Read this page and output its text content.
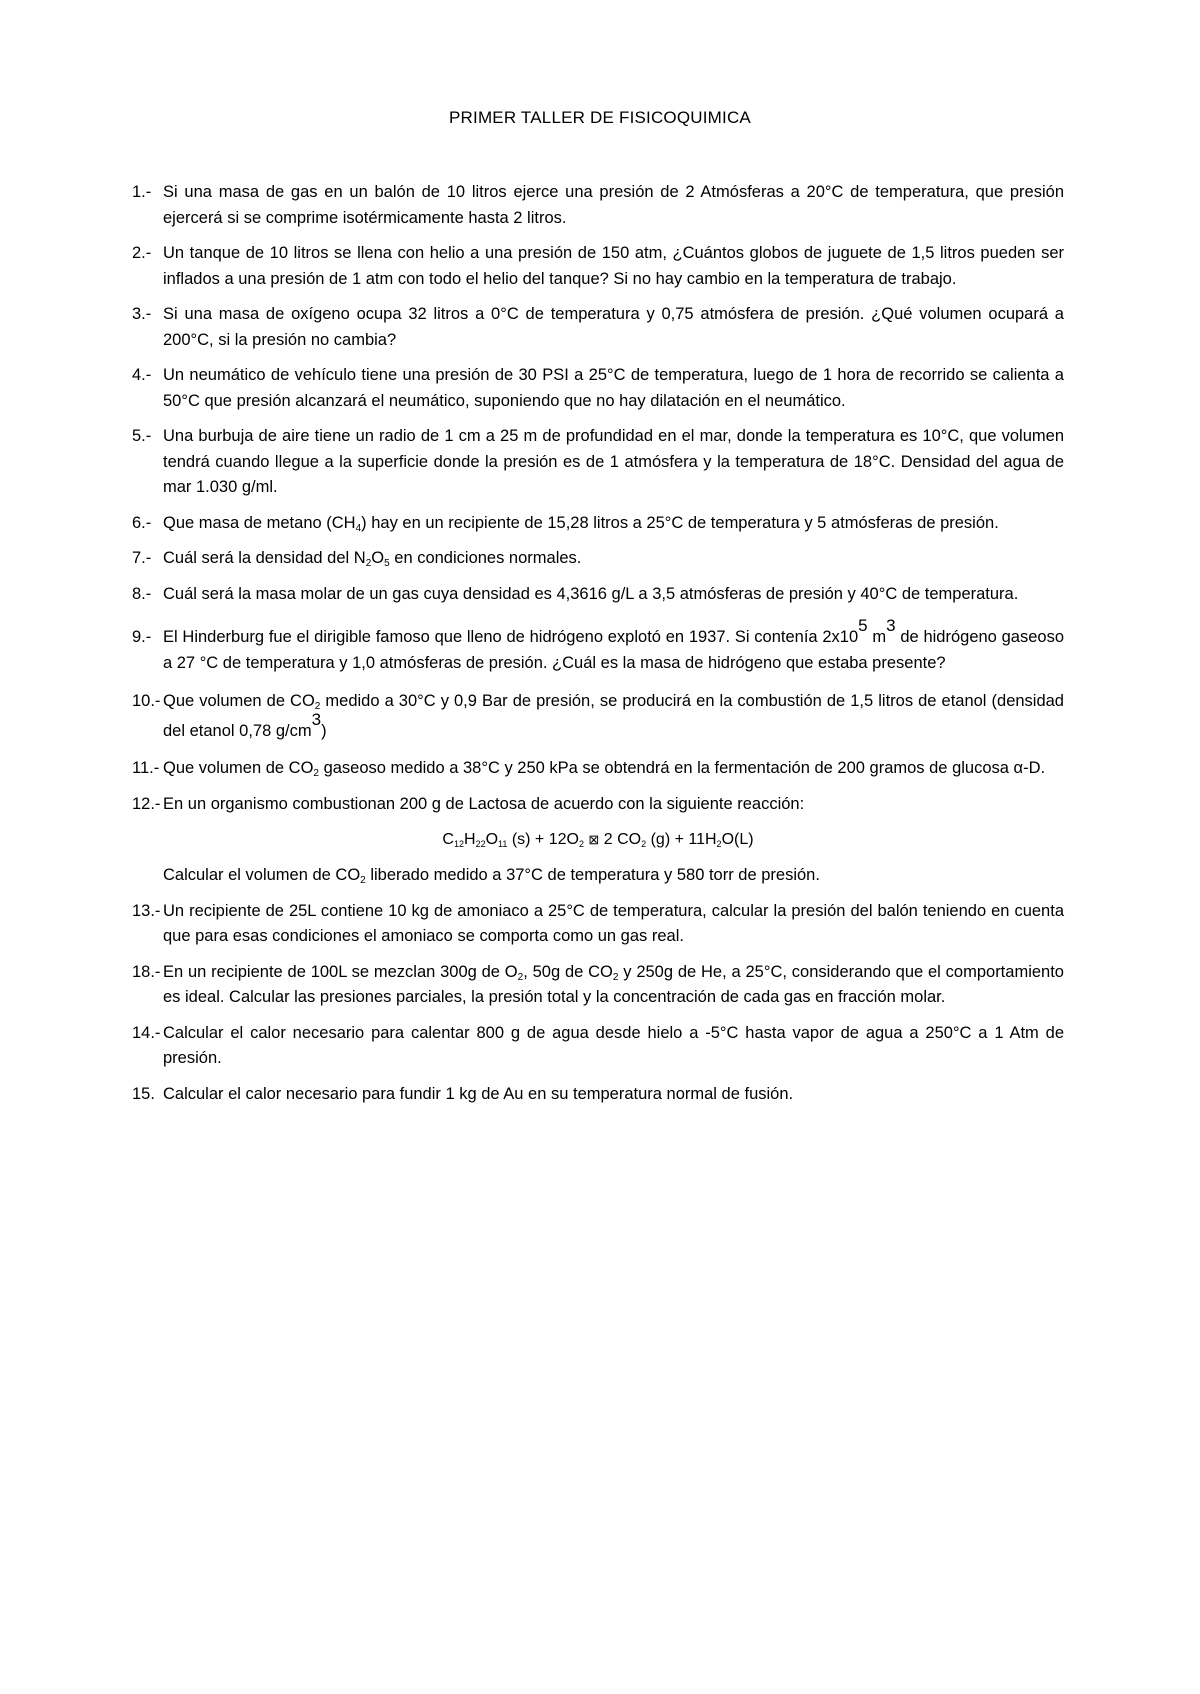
PRIMER TALLER DE FISICOQUIMICA
1.- Si una masa de gas en un balón de 10 litros ejerce una presión de 2 Atmósferas a 20°C de temperatura, que presión ejercerá si se comprime isotérmicamente hasta 2 litros.
2.- Un tanque de 10 litros se llena con helio a una presión de 150 atm, ¿Cuántos globos de juguete de 1,5 litros pueden ser inflados a una presión de 1 atm con todo el helio del tanque? Si no hay cambio en la temperatura de trabajo.
3.- Si una masa de oxígeno ocupa 32 litros a 0°C de temperatura y 0,75 atmósfera de presión. ¿Qué volumen ocupará a 200°C, si la presión no cambia?
4.- Un neumático de vehículo tiene una presión de 30 PSI a 25°C de temperatura, luego de 1 hora de recorrido se calienta a 50°C que presión alcanzará el neumático, suponiendo que no hay dilatación en el neumático.
5.- Una burbuja de aire tiene un radio de 1 cm a 25 m de profundidad en el mar, donde la temperatura es 10°C, que volumen tendrá cuando llegue a la superficie donde la presión es de 1 atmósfera y la temperatura de 18°C. Densidad del agua de mar 1.030 g/ml.
6.- Que masa de metano $(CH_4)$ hay en un recipiente de 15,28 litros a 25°C de temperatura y 5 atmósferas de presión.
7.- Cuál será la densidad del $N_2O_5$ en condiciones normales.
8.- Cuál será la masa molar de un gas cuya densidad es 4,3616 g/L a 3,5 atmósferas de presión y 40°C de temperatura.
9.- El Hinderburg fue el dirigible famoso que lleno de hidrógeno explotó en 1937. Si contenía 2x105 m3 de hidrógeno gaseoso a 27 °C de temperatura y 1,0 atmósferas de presión. ¿Cuál es la masa de hidrógeno que estaba presente?
10.- Que volumen de $CO_2$ medido a 30°C y 0,9 Bar de presión, se producirá en la combustión de 1,5 litros de etanol (densidad del etanol 0,78 g/cm3)
11.- Que volumen de $CO_2$ gaseoso medido a 38°C y 250 kPa se obtendrá en la fermentación de 200 gramos de glucosa α-D.
12.- En un organismo combustionan 200 g de Lactosa de acuerdo con la siguiente reacción:
C12H22O11 (s) + 12O2 ⊠ 2 CO2 (g) + 11H2O(L)
Calcular el volumen de $CO_2$ liberado medido a 37°C de temperatura y 580 torr de presión.
13.- Un recipiente de 25L contiene 10 kg de amoniaco a 25°C de temperatura, calcular la presión del balón teniendo en cuenta que para esas condiciones el amoniaco se comporta como un gas real.
18.- En un recipiente de 100L se mezclan 300g de $O_2$, 50g de $CO_2$ y 250g de He, a 25°C, considerando que el comportamiento es ideal. Calcular las presiones parciales, la presión total y la concentración de cada gas en fracción molar.
14.- Calcular el calor necesario para calentar 800 g de agua desde hielo a -5°C hasta vapor de agua a 250°C a 1 Atm de presión.
15. Calcular el calor necesario para fundir 1 kg de Au en su temperatura normal de fusión.
